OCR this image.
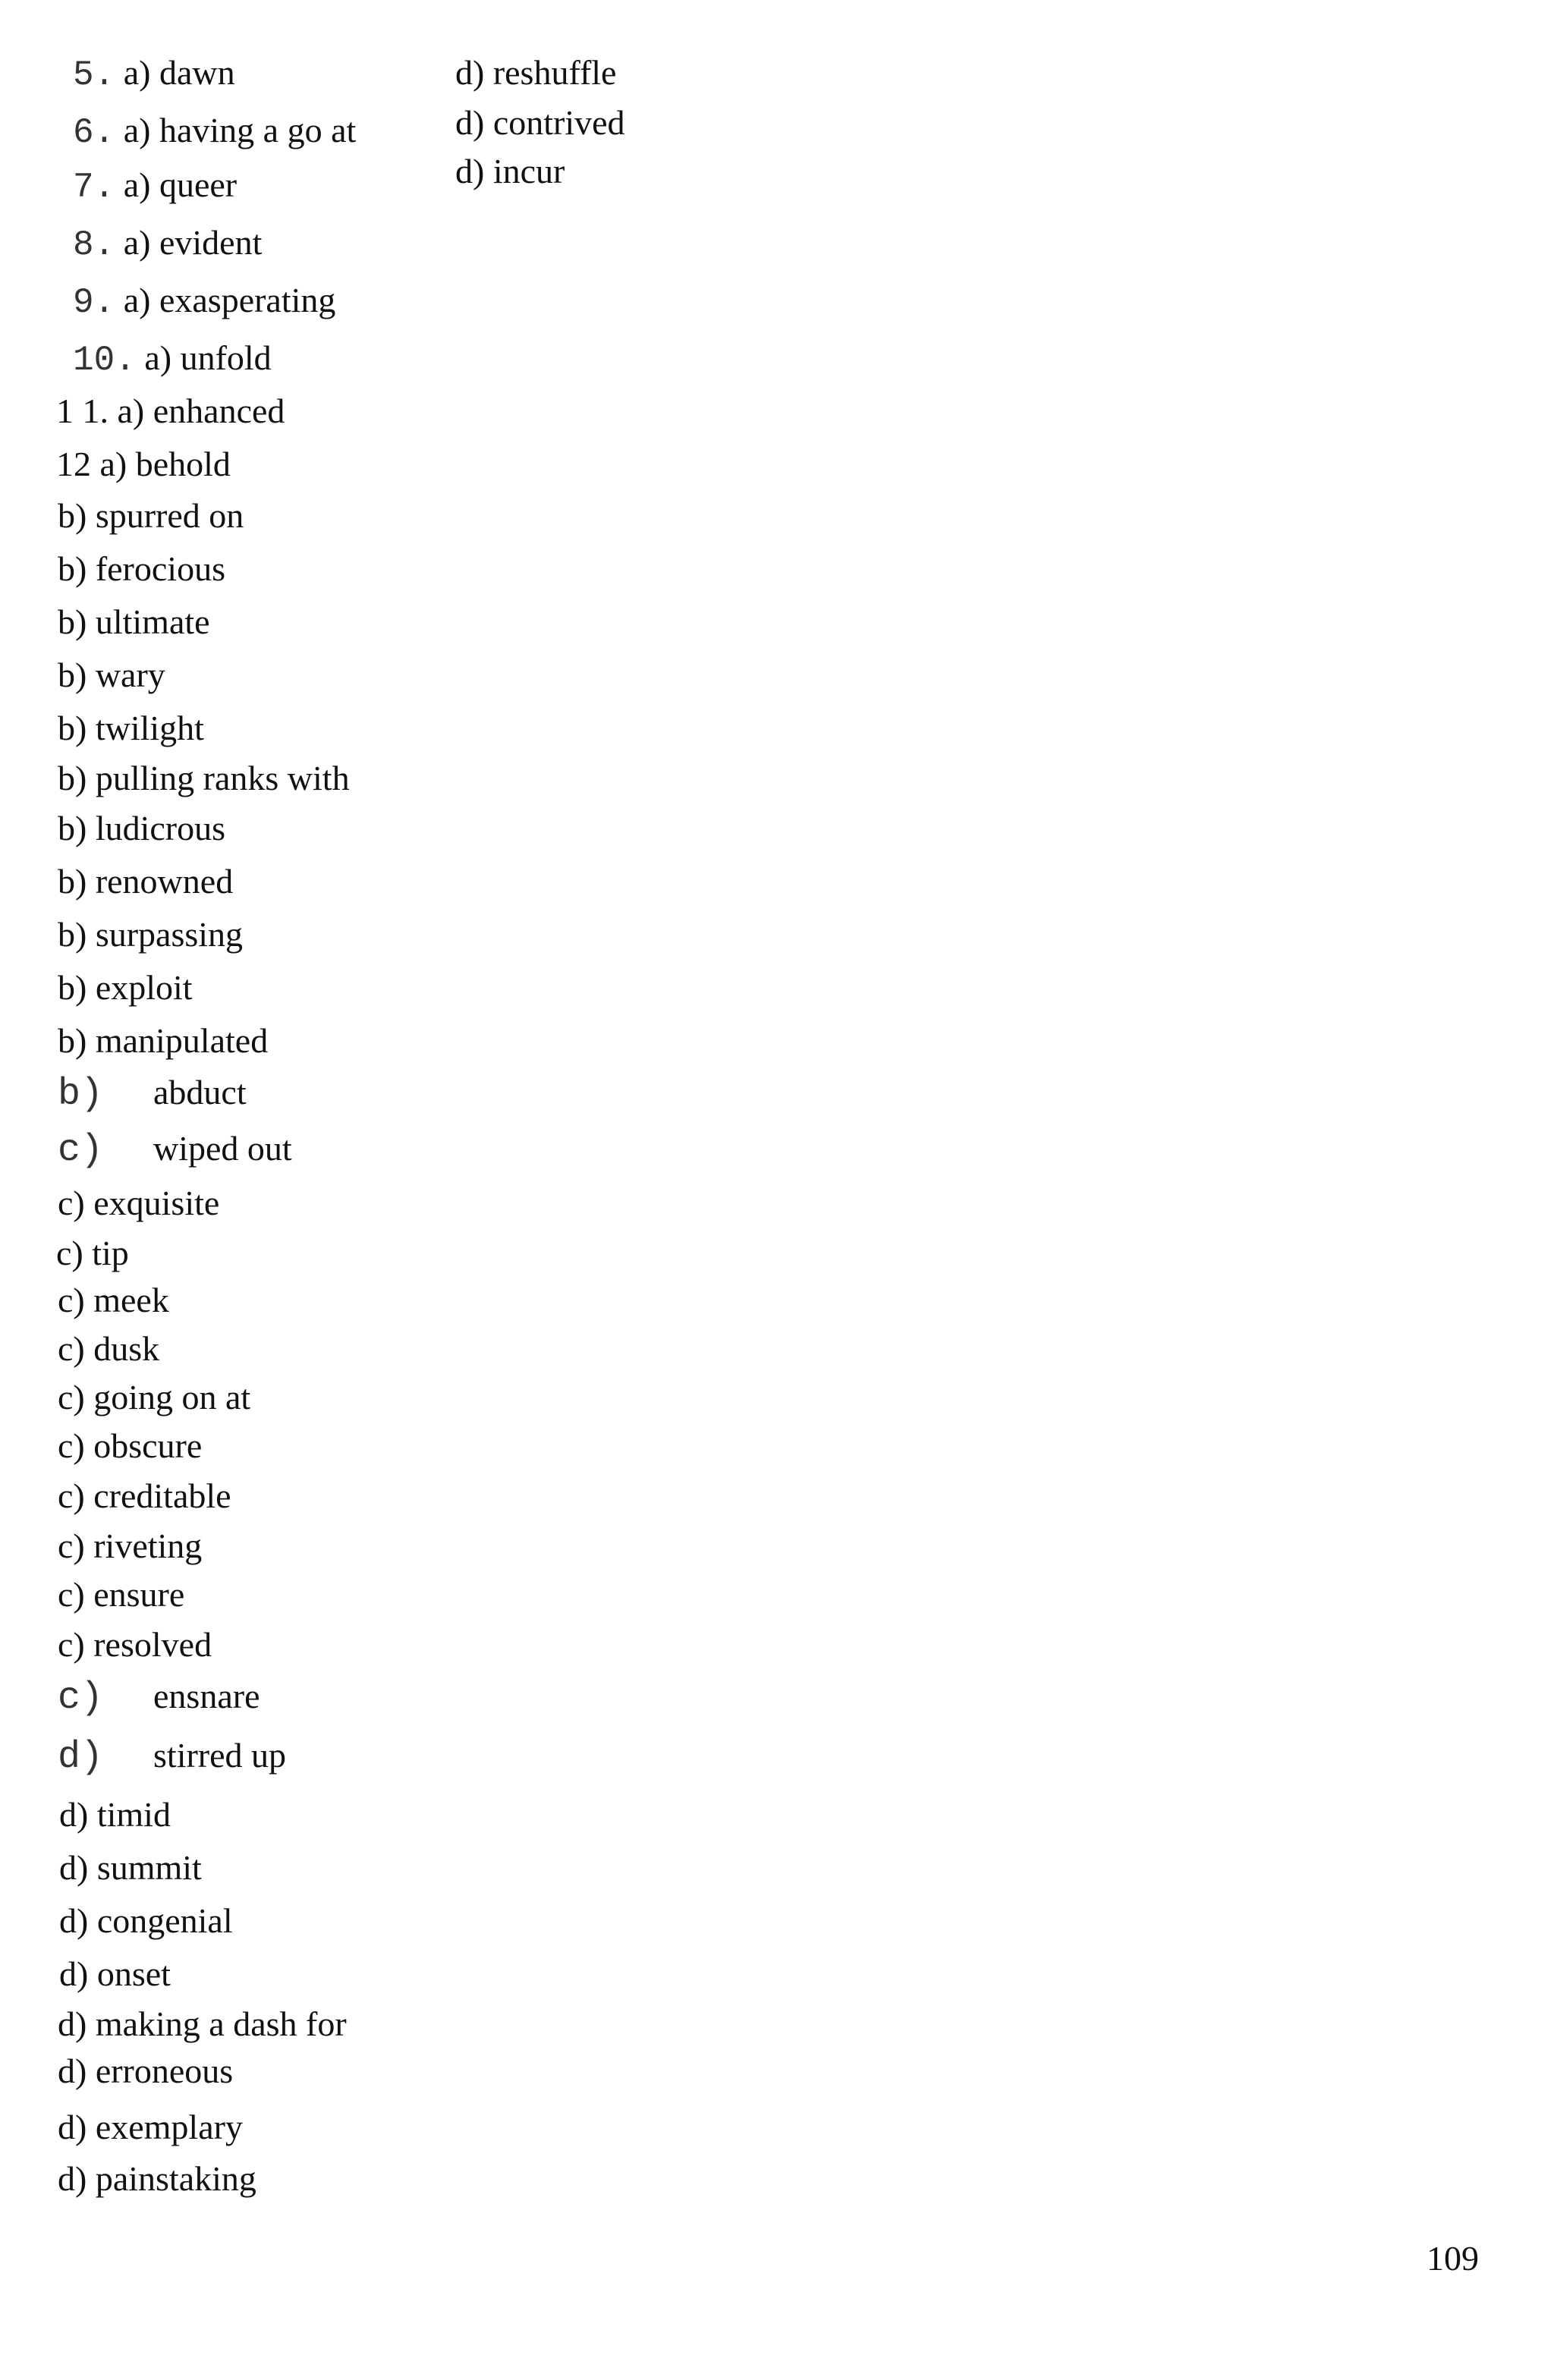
5. a) dawn
6. a) having a go at
7. a) queer
8. a) evident
9. a) exasperating
10. a) unfold
1 1. a) enhanced
12 a) behold
b) spurred on
b) ferocious
b) ultimate
b) wary
b) twilight
b) pulling ranks with
b) ludicrous
b) renowned
b) surpassing
b) exploit
b) manipulated
b) abduct
c) wiped out
c) exquisite
c) tip
c) meek
c) dusk
c) going on at
c) obscure
c) creditable
c) riveting
c) ensure
c) resolved
c) ensnare
d) stirred up
d) timid
d) summit
d) congenial
d) onset
d) making a dash for
d) erroneous
d) exemplary
d) painstaking
d) reshuffle
d) contrived
d) incur
109
